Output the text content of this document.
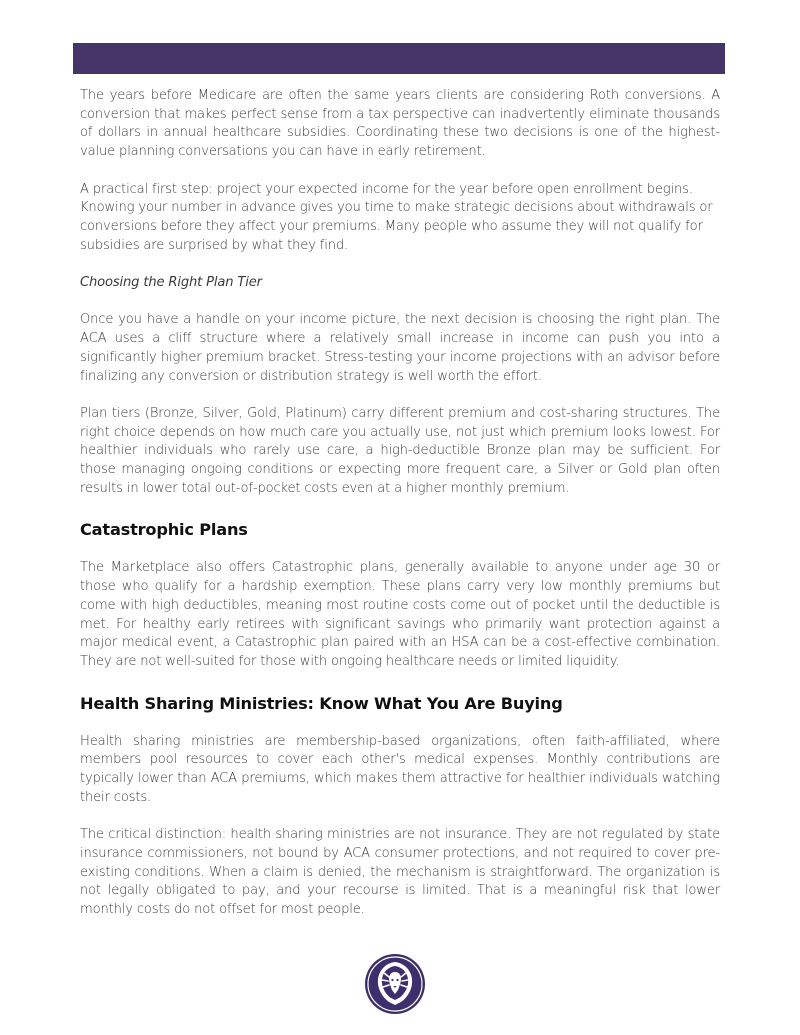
The years before Medicare are often the same years clients are considering Roth conversions. A conversion that makes perfect sense from a tax perspective can inadvertently eliminate thousands of dollars in annual healthcare subsidies. Coordinating these two decisions is one of the highest-value planning conversations you can have in early retirement.

A practical first step: project your expected income for the year before open enrollment begins. Knowing your number in advance gives you time to make strategic decisions about withdrawals or conversions before they affect your premiums. Many people who assume they will not qualify for subsidies are surprised by what they find.

Choosing the Right Plan Tier

Once you have a handle on your income picture, the next decision is choosing the right plan. The ACA uses a cliff structure where a relatively small increase in income can push you into a significantly higher premium bracket. Stress-testing your income projections with an advisor before finalizing any conversion or distribution strategy is well worth the effort.

Plan tiers (Bronze, Silver, Gold, Platinum) carry different premium and cost-sharing structures. The right choice depends on how much care you actually use, not just which premium looks lowest. For healthier individuals who rarely use care, a high-deductible Bronze plan may be sufficient. For those managing ongoing conditions or expecting more frequent care, a Silver or Gold plan often results in lower total out-of-pocket costs even at a higher monthly premium.

Catastrophic Plans

The Marketplace also offers Catastrophic plans, generally available to anyone under age 30 or those who qualify for a hardship exemption. These plans carry very low monthly premiums but come with high deductibles, meaning most routine costs come out of pocket until the deductible is met. For healthy early retirees with significant savings who primarily want protection against a major medical event, a Catastrophic plan paired with an HSA can be a cost-effective combination. They are not well-suited for those with ongoing healthcare needs or limited liquidity.

Health Sharing Ministries: Know What You Are Buying

Health sharing ministries are membership-based organizations, often faith-affiliated, where members pool resources to cover each other's medical expenses. Monthly contributions are typically lower than ACA premiums, which makes them attractive for healthier individuals watching their costs.

The critical distinction: health sharing ministries are not insurance. They are not regulated by state insurance commissioners, not bound by ACA consumer protections, and not required to cover pre-existing conditions. When a claim is denied, the mechanism is straightforward. The organization is not legally obligated to pay, and your recourse is limited. That is a meaningful risk that lower monthly costs do not offset for most people.
